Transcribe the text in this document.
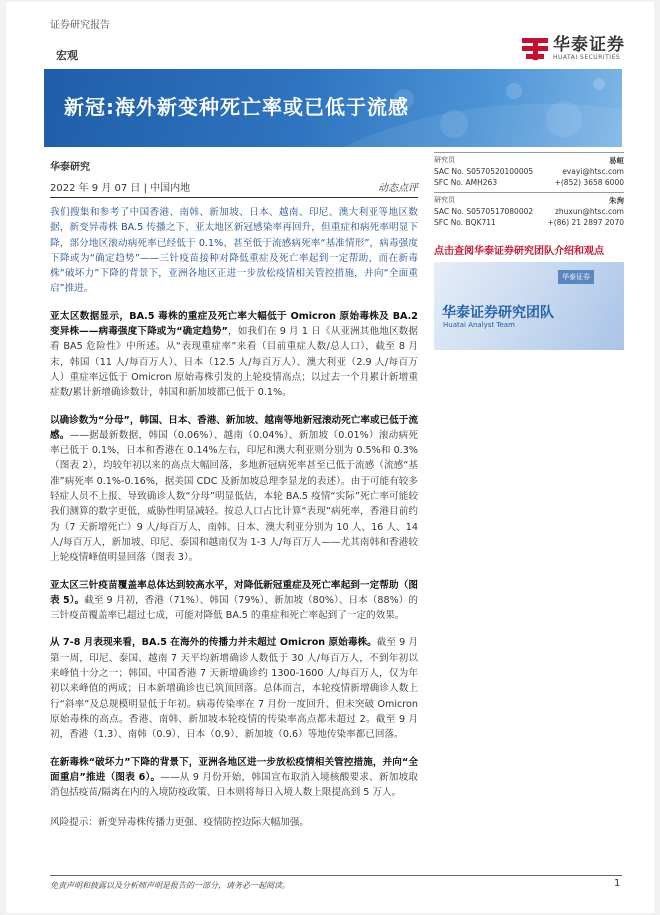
证券研究报告
宏观
华泰证券
HUATAI SECURITIES
新冠:海外新变种死亡率或已低于流感
华泰研究
2022 年 9 月 07 日 | 中国内地	动态点评
我们搜集和参考了中国香港、南韩、新加坡、日本、越南、印尼、澳大利亚等地区数据，新变异毒株 BA.5 传播之下、亚太地区新冠感染率再回升，但重症和病死率明显下降，部分地区滚动病死率已经低于 0.1%、甚至低于流感病死率“基准情形”，病毒强度下降或为“确定趋势”——三针疫苗接种对降低重症及死亡率起到一定帮助，而在新毒株“破坏力”下降的背景下，亚洲各地区正进一步放松疫情相关管控措施，并向“全面重启”推进。
亚太区数据显示，BA.5 毒株的重症及死亡率大幅低于 Omicron 原始毒株及 BA.2 变异株——病毒强度下降或为“确定趋势”，如我们在 9 月 1 日《从亚洲其他地区数据看 BA5 危险性》中所述。从“表现重症率”来看（目前重症人数/总人口），截至 8 月末，韩国（11 人/每百万人）、日本（12.5 人/每百万人）、澳大利亚（2.9 人/每百万人）重症率远低于 Omicron 原始毒株引发的上轮疫情高点；以过去一个月累计新增重症数/累计新增确诊数计，韩国和新加坡都已低于 0.1%。
以确诊数为“分母”，韩国、日本、香港、新加坡、越南等地新冠滚动死亡率或已低于流感。——据最新数据，韩国（0.06%）、越南（0.04%）、新加坡（0.01%）滚动病死率已低于 0.1%，日本和香港在 0.14%左右，印尼和澳大利亚则分别为 0.5%和 0.3%（图表 2），均较年初以来的高点大幅回落，多地新冠病死率甚至已低于流感（流感“基准”病死率 0.1%-0.16%，据美国 CDC 及新加坡总理李显龙的表述）。由于可能有较多轻症人员不上报、导致确诊人数“分母”明显低估，本轮 BA.5 疫情“实际”死亡率可能较我们测算的数字更低，威胁性明显减轻。按总人口占比计算“表现”病死率，香港目前约为（7 天新增死亡）9 人/每百万人，南韩、日本、澳大利亚分别为 10 人、16 人、14 人/每百万人，新加坡、印尼、泰国和越南仅为 1-3 人/每百万人——尤其南韩和香港较上轮疫情峰值明显回落（图表 3）。
亚太区三针疫苗覆盖率总体达到较高水平，对降低新冠重症及死亡率起到一定帮助（图表 5）。截至 9 月初，香港（71%）、韩国（79%）、新加坡（80%）、日本（88%）的三针疫苗覆盖率已超过七成，可能对降低 BA.5 的重症和死亡率起到了一定的效果。
从 7-8 月表现来看，BA.5 在海外的传播力并未超过 Omicron 原始毒株。截至 9 月第一周，印尼、泰国、越南 7 天平均新增确诊人数低于 30 人/每百万人，不到年初以来峰值十分之一；韩国、中国香港 7 天新增确诊约 1300-1600 人/每百万人，仅为年初以来峰值的两成；日本新增确诊也已筑顶回落。总体而言，本轮疫情新增确诊人数上行“斜率”及总规模明显低于年初。病毒传染率在 7 月份一度回升、但未突破 Omicron 原始毒株的高点。香港、南韩、新加坡本轮疫情的传染率高点都未超过 2。截至 9 月初，香港（1.3）、南韩（0.9）、日本（0.9）、新加坡（0.6）等地传染率都已回落。
在新毒株“破坏力”下降的背景下，亚洲各地区进一步放松疫情相关管控措施，并向“全面重启”推进（图表 6）。——从 9 月份开始，韩国宣布取消入境核酸要求、新加坡取消包括疫苗/隔离在内的入境防疫政策、日本则将每日入境人数上限提高到 5 万人。
风险提示：新变异毒株传播力更强、疫情防控边际大幅加强。
研究员	易峘
SAC No. S0570520100005	evayi@htsc.com
SFC No. AMH263	+(852) 3658 6000
研究员	朱洵
SAC No. S0570517080002	zhuxun@htsc.com
SFC No. BQK711	+(86) 21 2897 2070
点击查阅华泰证券研究团队介绍和观点
华泰证券
华泰证券研究团队
Huatai Analyst Team
免责声明和披露以及分析师声明是报告的一部分，请务必一起阅读。	1
